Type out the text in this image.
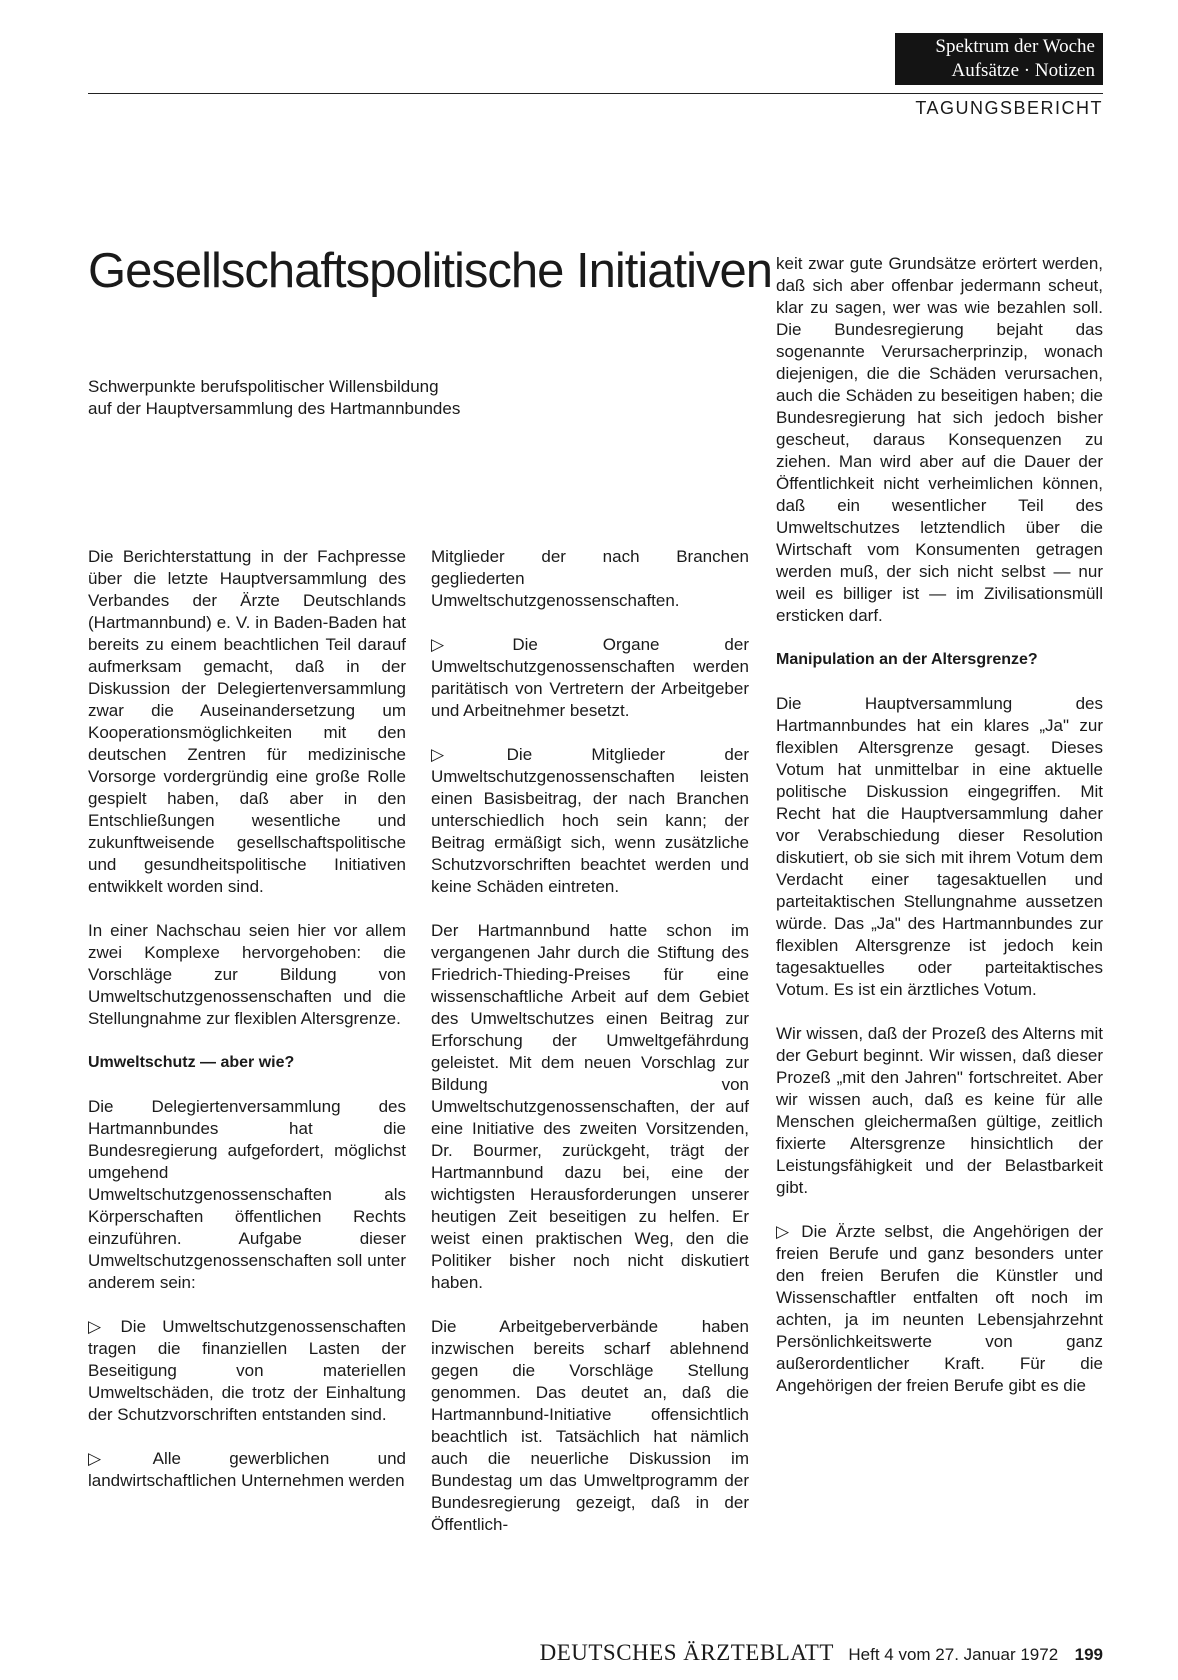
Spektrum der Woche
Aufsätze · Notizen
TAGUNGSBERICHT
Gesellschaftspolitische Initiativen
Schwerpunkte berufspolitischer Willensbildung
auf der Hauptversammlung des Hartmannbundes

Die Berichterstattung in der Fachpresse über die letzte Hauptversammlung des Verbandes der Ärzte Deutschlands (Hartmannbund) e. V. in Baden-Baden hat bereits zu einem beachtlichen Teil darauf aufmerksam gemacht, daß in der Diskussion der Delegiertenversammlung zwar die Auseinandersetzung um Kooperationsmöglichkeiten mit den deutschen Zentren für medizinische Vorsorge vordergründig eine große Rolle gespielt haben, daß aber in den Entschließungen wesentliche und zukunftweisende gesellschaftspolitische und gesundheitspolitische Initiativen entwikkelt worden sind.

In einer Nachschau seien hier vor allem zwei Komplexe hervorgehoben: die Vorschläge zur Bildung von Umweltschutzgenossenschaften und die Stellungnahme zur flexiblen Altersgrenze.

Umweltschutz — aber wie?

Die Delegiertenversammlung des Hartmannbundes hat die Bundesregierung aufgefordert, möglichst umgehend Umweltschutzgenossenschaften als Körperschaften öffentlichen Rechts einzuführen. Aufgabe dieser Umweltschutzgenossenschaften soll unter anderem sein:

▷ Die Umweltschutzgenossenschaften tragen die finanziellen Lasten der Beseitigung von materiellen Umweltschäden, die trotz der Einhaltung der Schutzvorschriften entstanden sind.

▷ Alle gewerblichen und landwirtschaftlichen Unternehmen werden

Mitglieder der nach Branchen gegliederten Umweltschutzgenossenschaften.

▷ Die Organe der Umweltschutzgenossenschaften werden paritätisch von Vertretern der Arbeitgeber und Arbeitnehmer besetzt.

▷ Die Mitglieder der Umweltschutzgenossenschaften leisten einen Basisbeitrag, der nach Branchen unterschiedlich hoch sein kann; der Beitrag ermäßigt sich, wenn zusätzliche Schutzvorschriften beachtet werden und keine Schäden eintreten.

Der Hartmannbund hatte schon im vergangenen Jahr durch die Stiftung des Friedrich-Thieding-Preises für eine wissenschaftliche Arbeit auf dem Gebiet des Umweltschutzes einen Beitrag zur Erforschung der Umweltgefährdung geleistet. Mit dem neuen Vorschlag zur Bildung von Umweltschutzgenossenschaften, der auf eine Initiative des zweiten Vorsitzenden, Dr. Bourmer, zurückgeht, trägt der Hartmannbund dazu bei, eine der wichtigsten Herausforderungen unserer heutigen Zeit beseitigen zu helfen. Er weist einen praktischen Weg, den die Politiker bisher noch nicht diskutiert haben.

Die Arbeitgeberverbände haben inzwischen bereits scharf ablehnend gegen die Vorschläge Stellung genommen. Das deutet an, daß die Hartmannbund-Initiative offensichtlich beachtlich ist. Tatsächlich hat nämlich auch die neuerliche Diskussion im Bundestag um das Umweltprogramm der Bundesregierung gezeigt, daß in der Öffentlich-

keit zwar gute Grundsätze erörtert werden, daß sich aber offenbar jedermann scheut, klar zu sagen, wer was wie bezahlen soll. Die Bundesregierung bejaht das sogenannte Verursacherprinzip, wonach diejenigen, die die Schäden verursachen, auch die Schäden zu beseitigen haben; die Bundesregierung hat sich jedoch bisher gescheut, daraus Konsequenzen zu ziehen. Man wird aber auf die Dauer der Öffentlichkeit nicht verheimlichen können, daß ein wesentlicher Teil des Umweltschutzes letztendlich über die Wirtschaft vom Konsumenten getragen werden muß, der sich nicht selbst — nur weil es billiger ist — im Zivilisationsmüll ersticken darf.

Manipulation an der Altersgrenze?

Die Hauptversammlung des Hartmannbundes hat ein klares „Ja" zur flexiblen Altersgrenze gesagt. Dieses Votum hat unmittelbar in eine aktuelle politische Diskussion eingegriffen. Mit Recht hat die Hauptversammlung daher vor Verabschiedung dieser Resolution diskutiert, ob sie sich mit ihrem Votum dem Verdacht einer tagesaktuellen und parteitaktischen Stellungnahme aussetzen würde. Das „Ja" des Hartmannbundes zur flexiblen Altersgrenze ist jedoch kein tagesaktuelles oder parteitaktisches Votum. Es ist ein ärztliches Votum.

Wir wissen, daß der Prozeß des Alterns mit der Geburt beginnt. Wir wissen, daß dieser Prozeß „mit den Jahren" fortschreitet. Aber wir wissen auch, daß es keine für alle Menschen gleichermaßen gültige, zeitlich fixierte Altersgrenze hinsichtlich der Leistungsfähigkeit und der Belastbarkeit gibt.

▷ Die Ärzte selbst, die Angehörigen der freien Berufe und ganz besonders unter den freien Berufen die Künstler und Wissenschaftler entfalten oft noch im achten, ja im neunten Lebensjahrzehnt Persönlichkeitswerte von ganz außerordentlicher Kraft. Für die Angehörigen der freien Berufe gibt es die

DEUTSCHES ÄRZTEBLATT Heft 4 vom 27. Januar 1972 199
